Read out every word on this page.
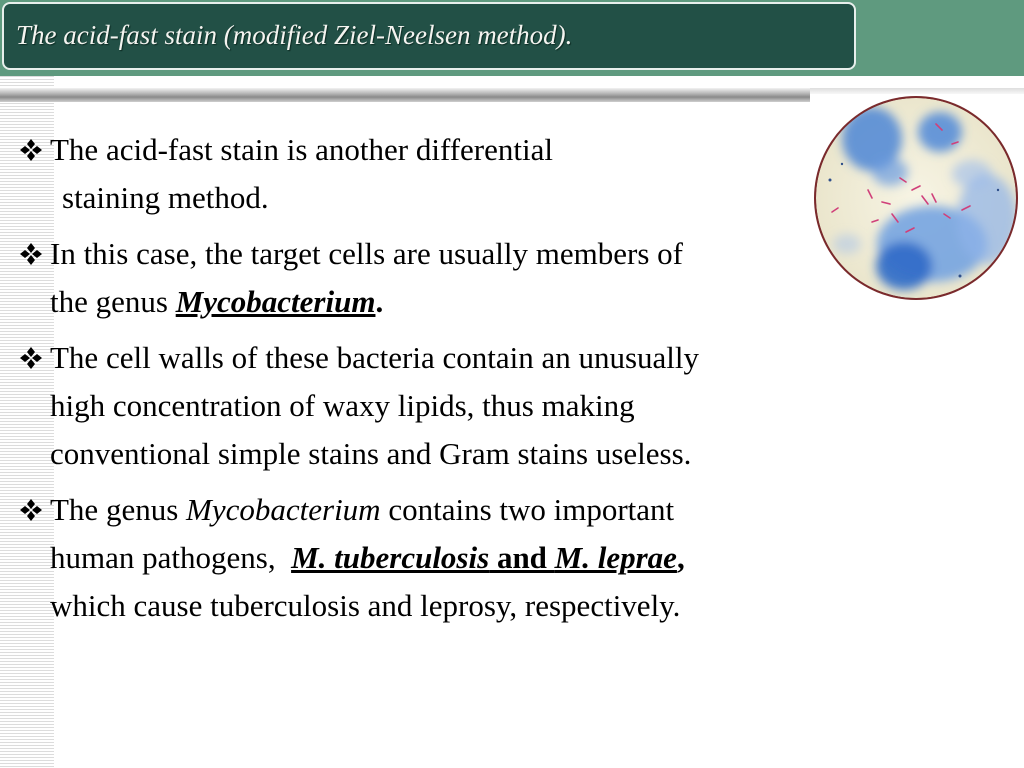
The acid-fast stain (modified Ziel-Neelsen method).
The acid-fast stain is another differential
staining method.
In this case, the target cells are usually members of
the genus Mycobacterium.
The cell walls of these bacteria contain an unusually
high concentration of waxy lipids, thus making
conventional simple stains and Gram stains useless.
The genus Mycobacterium contains two important
human pathogens,  M. tuberculosis and M. leprae,
which cause tuberculosis and leprosy, respectively.
